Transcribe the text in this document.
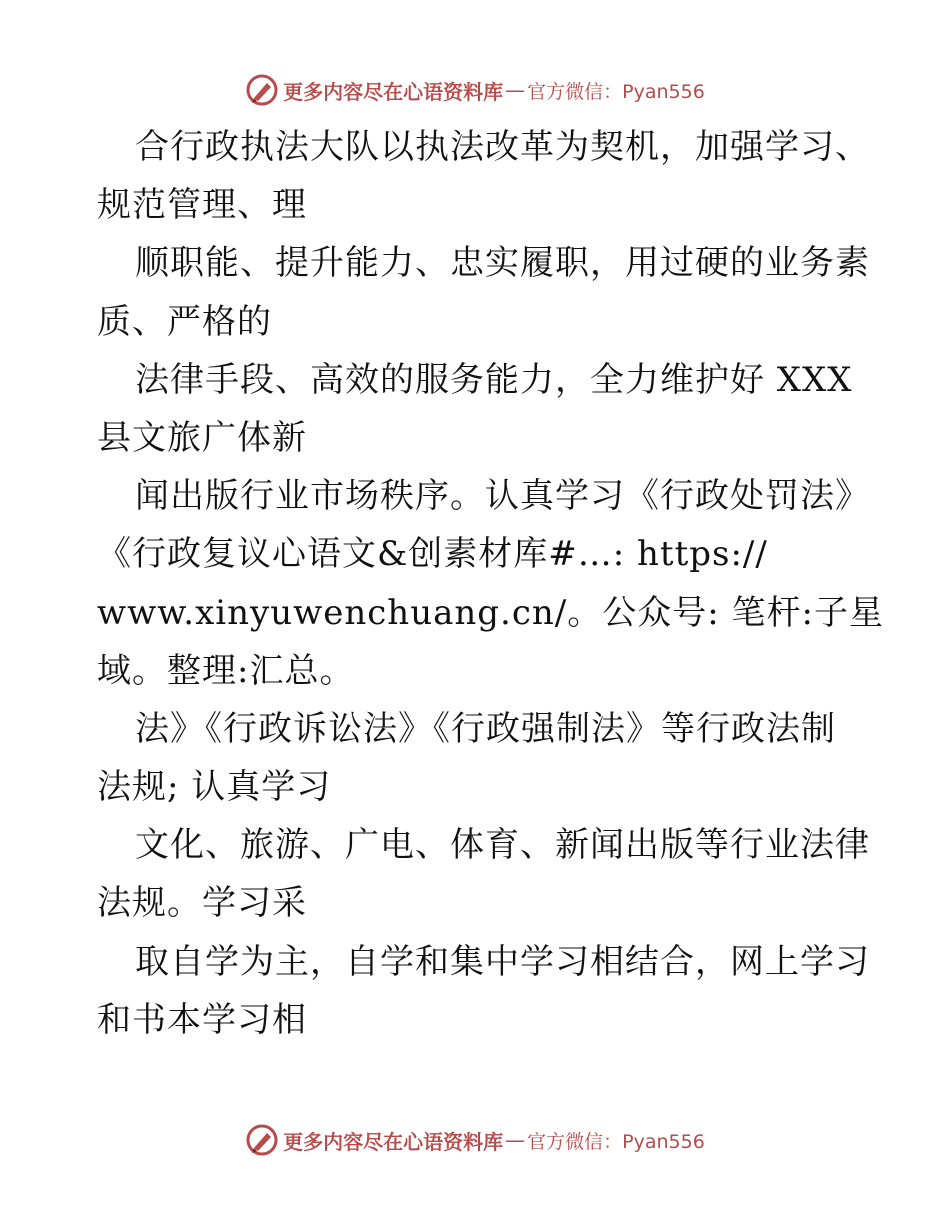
更多内容尽在心语资料库 — 官方微信：Pyan556
合行政执法大队以执法改革为契机，加强学习、
规范管理、理
顺职能、提升能力、忠实履职，用过硬的业务素
质、严格的
法律手段、高效的服务能力，全力维护好 XXX
县文旅广体新
闻出版行业市场秩序。认真学习《行政处罚法》
《行政复议心语文&创素材库#…: https://
www.xinyuwenchuang.cn/。公众号: 笔杆:子星
域。整理:汇总。
法》《行政诉讼法》《行政强制法》等行政法制
法规; 认真学习
文化、旅游、广电、体育、新闻出版等行业法律
法规。学习采
取自学为主，自学和集中学习相结合，网上学习
和书本学习相
更多内容尽在心语资料库 — 官方微信：Pyan556
